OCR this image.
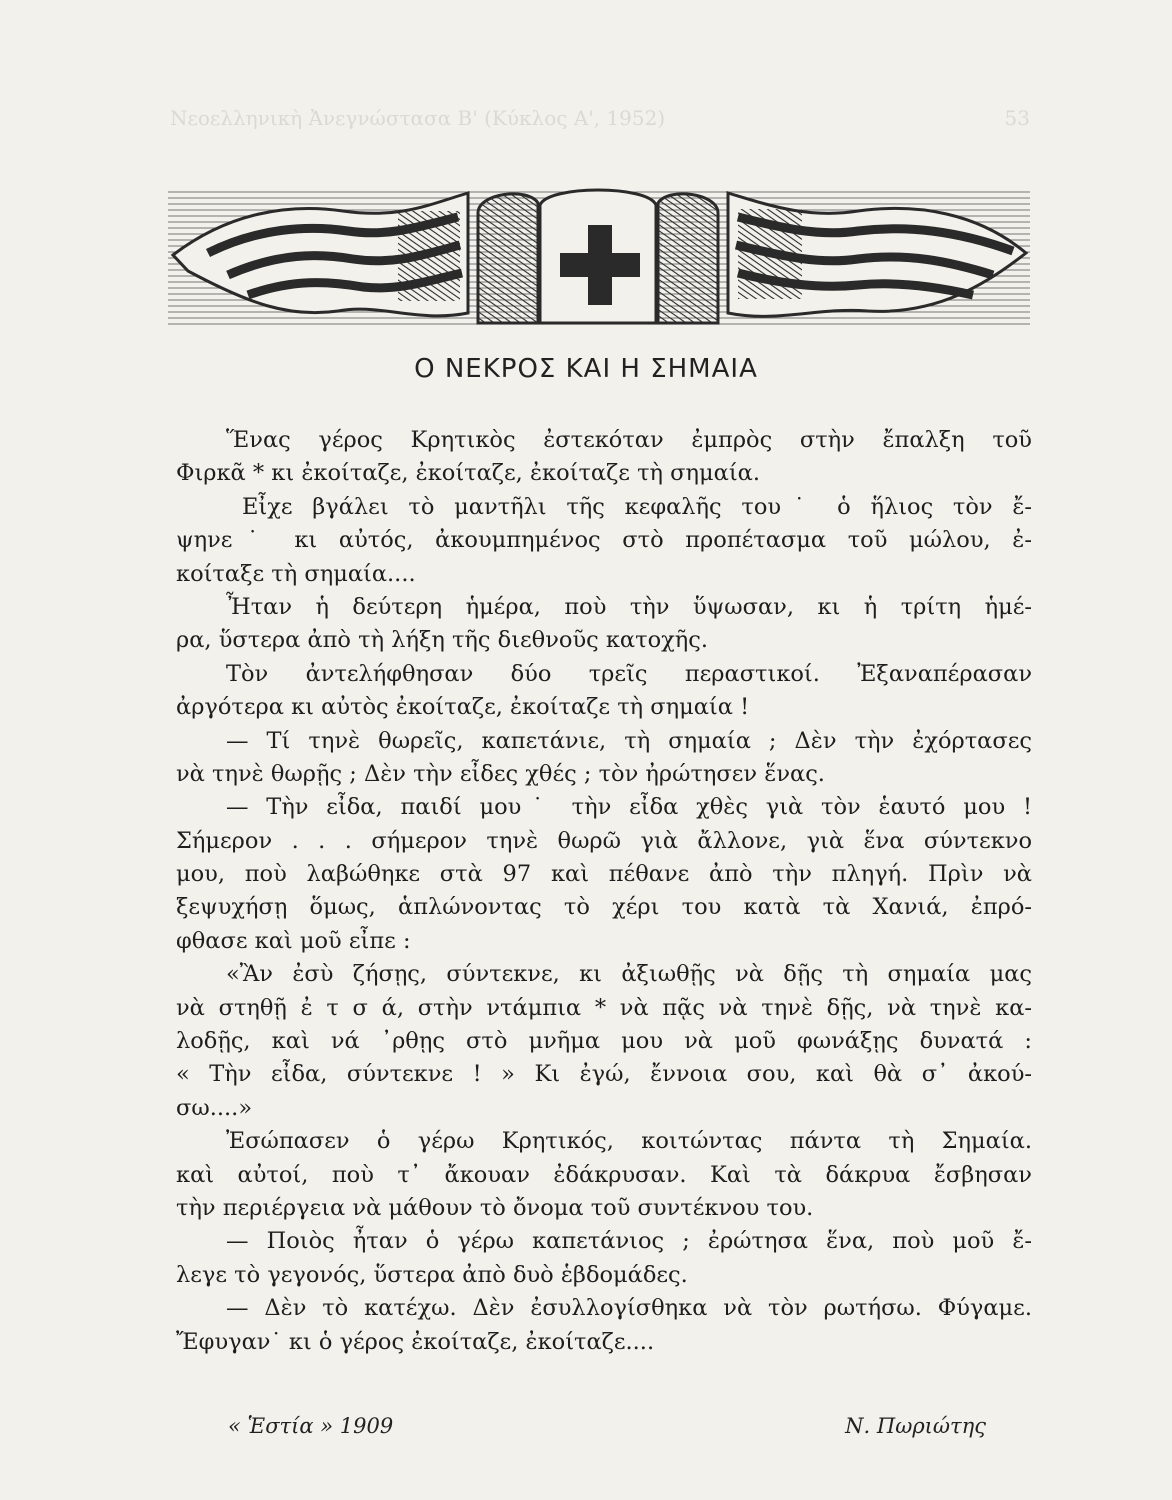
Νεοελληνικὴ Ἀνεγνώστασα Β' (Κύκλος Α', 1952)	53
Ο ΝΕΚΡΟΣ ΚΑΙ Η ΣΗΜΑΙΑ
Ἕνας γέρος Κρητικὸς ἐστεκόταν ἐμπρὸς στὴν ἔπαλξη τοῦ
Φιρκᾶ * κι ἐκοίταζε, ἐκοίταζε, ἐκοίταζε τὴ σημαία.
Εἶχε βγάλει τὸ μαντῆλι τῆς κεφαλῆς του˙ ὁ ἥλιος τὸν ἔ-
ψηνε˙ κι αὐτός, ἀκουμπημένος στὸ προπέτασμα τοῦ μώλου, ἐ-
κοίταξε τὴ σημαία....
Ἦταν ἡ δεύτερη ἡμέρα, ποὺ τὴν ὕψωσαν, κι ἡ τρίτη ἡμέ-
ρα, ὕστερα ἀπὸ τὴ λήξη τῆς διεθνοῦς κατοχῆς.
Τὸν ἀντελήφθησαν δύο τρεῖς περαστικοί. Ἐξαναπέρασαν
ἀργότερα κι αὐτὸς ἐκοίταζε, ἐκοίταζε τὴ σημαία !
— Τί τηνὲ θωρεῖς, καπετάνιε, τὴ σημαία ; Δὲν τὴν ἐχόρτασες
νὰ τηνὲ θωρῇς ; Δὲν τὴν εἶδες χθές ; τὸν ἠρώτησεν ἕνας.
— Τὴν εἶδα, παιδί μου˙ τὴν εἶδα χθὲς γιὰ τὸν ἑαυτό μου !
Σήμερον . . . σήμερον τηνὲ θωρῶ γιὰ ἄλλονε, γιὰ ἕνα σύντεκνο
μου, ποὺ λαβώθηκε στὰ 97 καὶ πέθανε ἀπὸ τὴν πληγή. Πρὶν νὰ
ξεψυχήσῃ ὅμως, ἁπλώνοντας τὸ χέρι του κατὰ τὰ Χανιά, ἐπρό-
φθασε καὶ μοῦ εἶπε :
«Ἂν ἐσὺ ζήσῃς, σύντεκνε, κι ἀξιωθῇς νὰ δῇς τὴ σημαία μας
νὰ στηθῇ ἐ τ σ ά, στὴν ντάμπια * νὰ πᾷς νὰ τηνὲ δῇς, νὰ τηνὲ κα-
λοδῇς, καὶ νά ᾽ρθῃς στὸ μνῆμα μου νὰ μοῦ φωνάξῃς δυνατά :
« Τὴν εἶδα, σύντεκνε ! » Κι ἐγώ, ἔννοια σου, καὶ θὰ σ᾽ ἀκού-
σω....»
Ἐσώπασεν ὁ γέρω Κρητικός, κοιτώντας πάντα τὴ Σημαία.
καὶ αὐτοί, ποὺ τ᾽ ἄκουαν ἐδάκρυσαν. Καὶ τὰ δάκρυα ἔσβησαν
τὴν περιέργεια νὰ μάθουν τὸ ὄνομα τοῦ συντέκνου του.
— Ποιὸς ἦταν ὁ γέρω καπετάνιος ; ἐρώτησα ἕνα, ποὺ μοῦ ἔ-
λεγε τὸ γεγονός, ὕστερα ἀπὸ δυὸ ἑβδομάδες.
— Δὲν τὸ κατέχω. Δὲν ἐσυλλογίσθηκα νὰ τὸν ρωτήσω. Φύγαμε.
Ἔφυγαν˙ κι ὁ γέρος ἐκοίταζε, ἐκοίταζε....
« Ἑστία » 1909	Ν. Πωριώτης
